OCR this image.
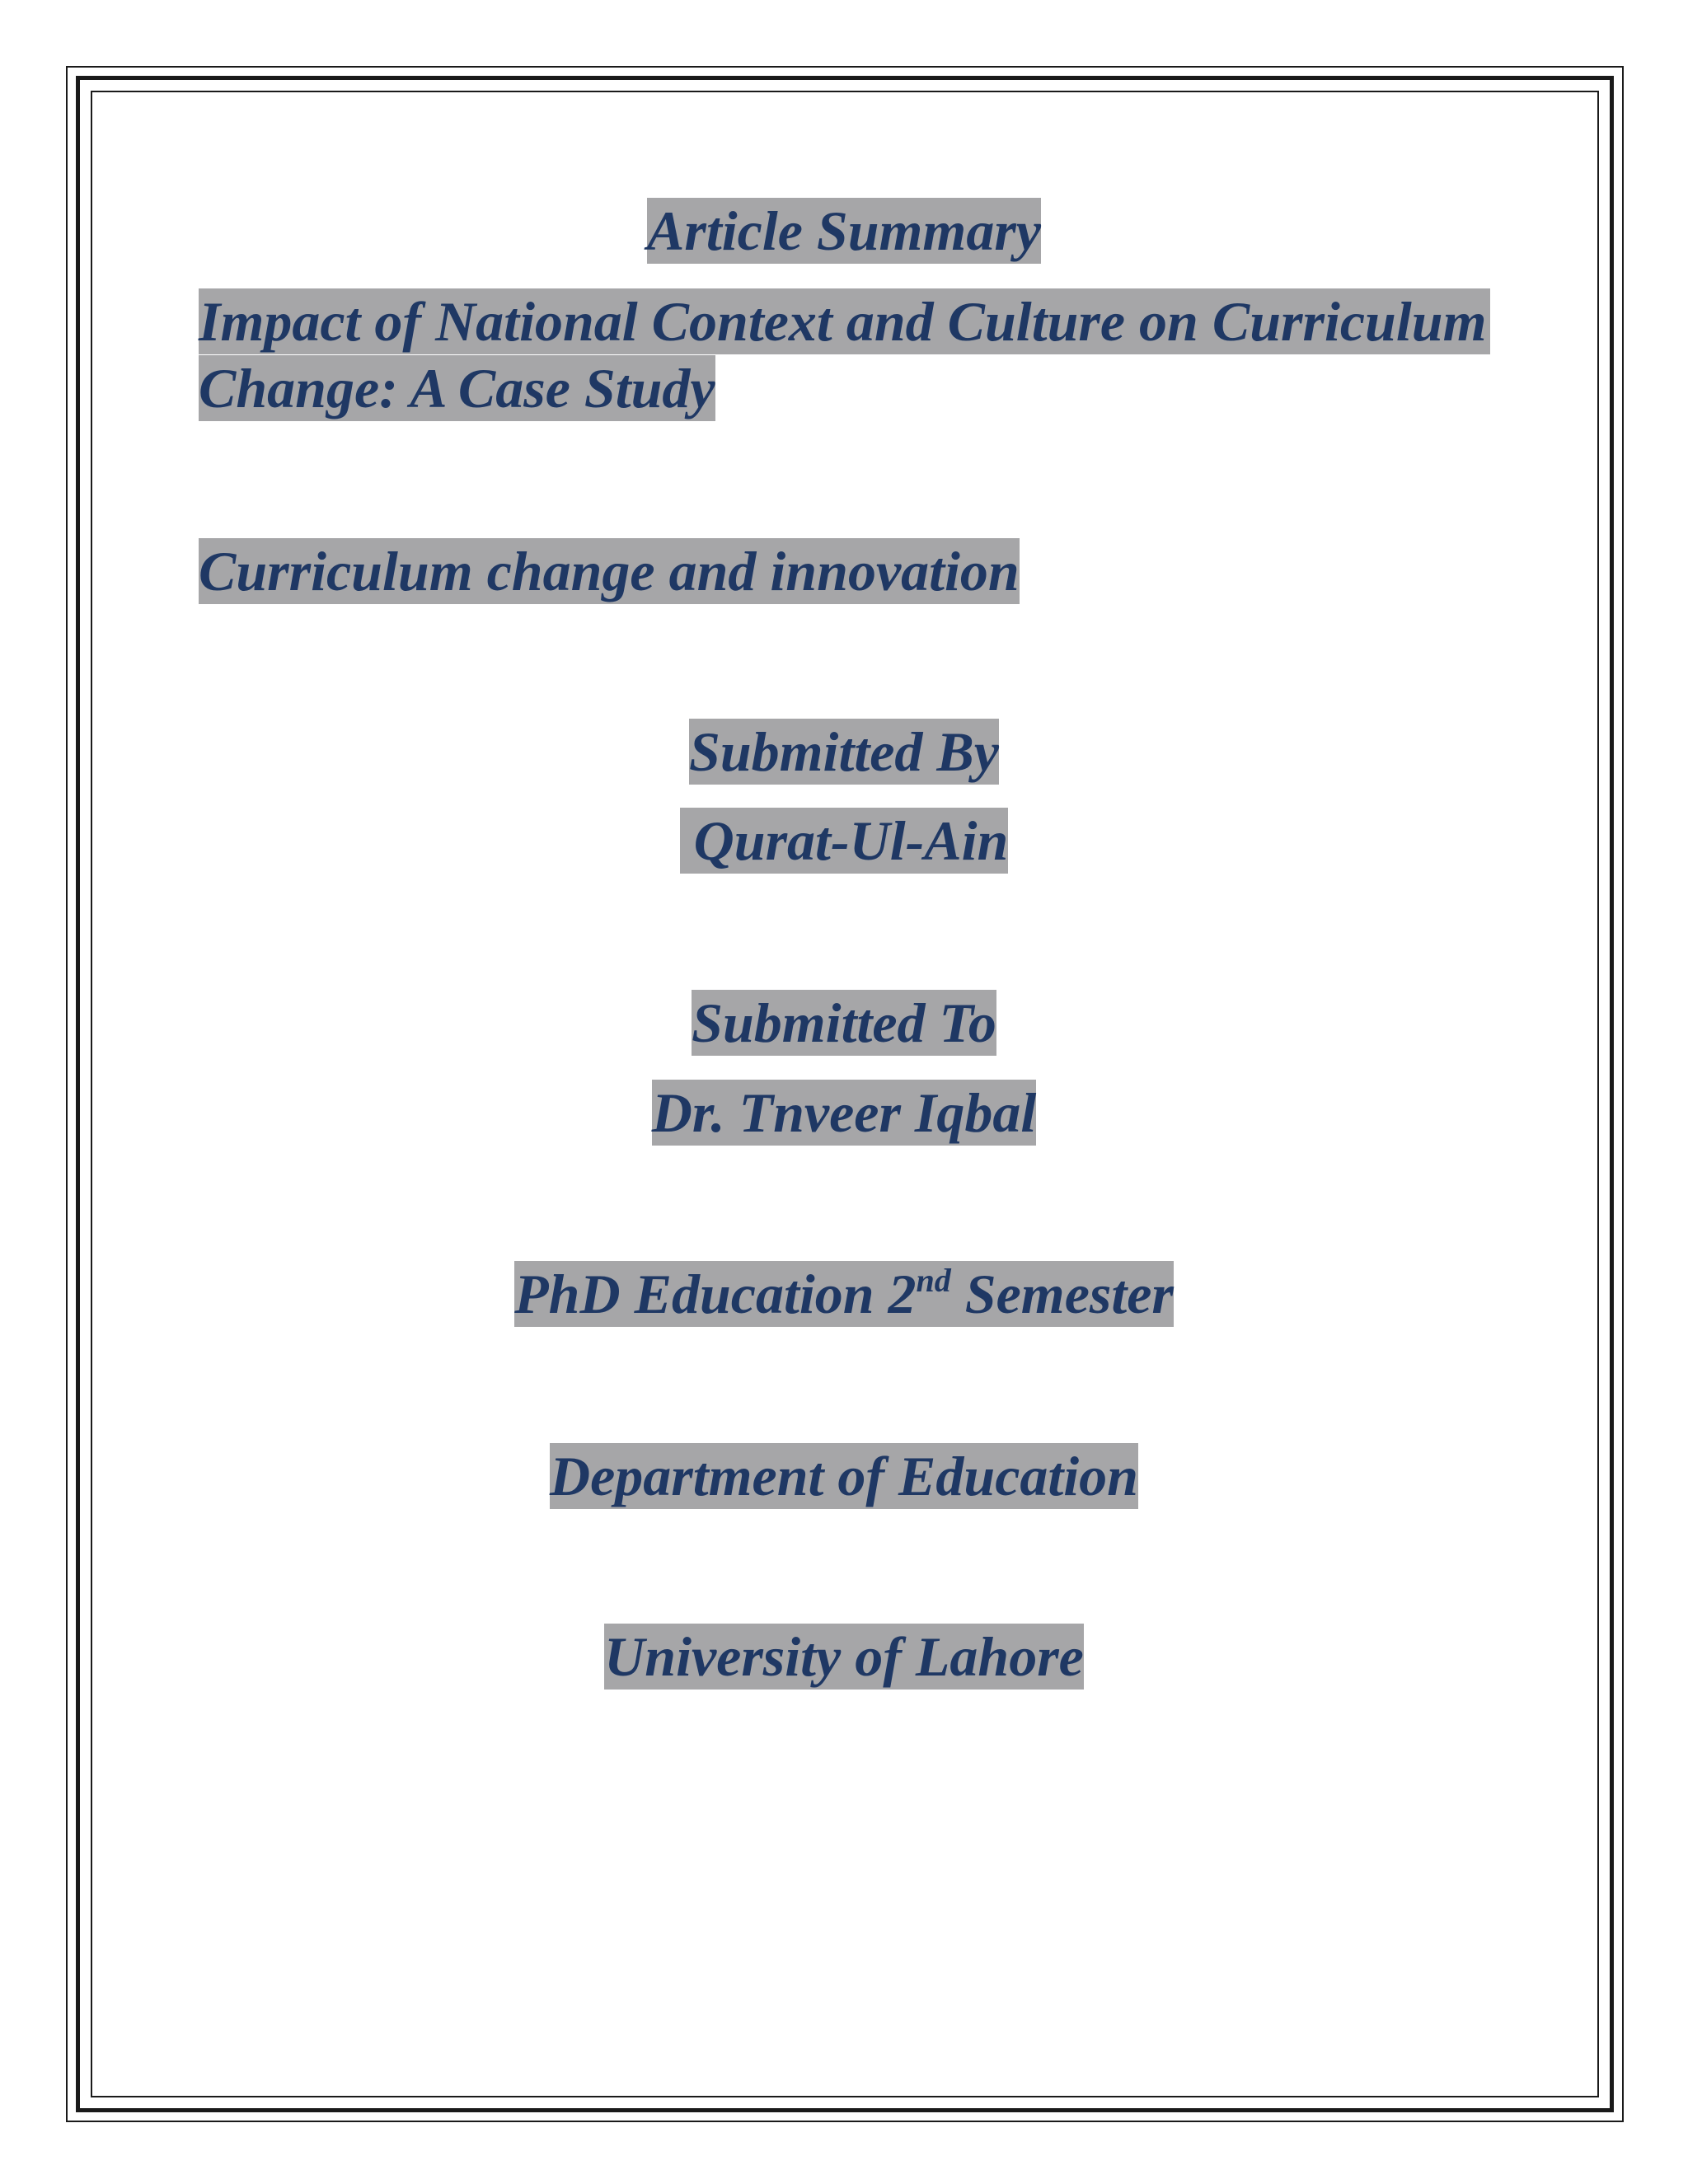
Article Summary
Impact of National Context and Culture on Curriculum
Change: A Case Study
Curriculum change and innovation
Submitted By
Qurat-Ul-Ain
Submitted To
Dr. Tnveer Iqbal
PhD Education 2nd Semester
Department of Education
University of Lahore
